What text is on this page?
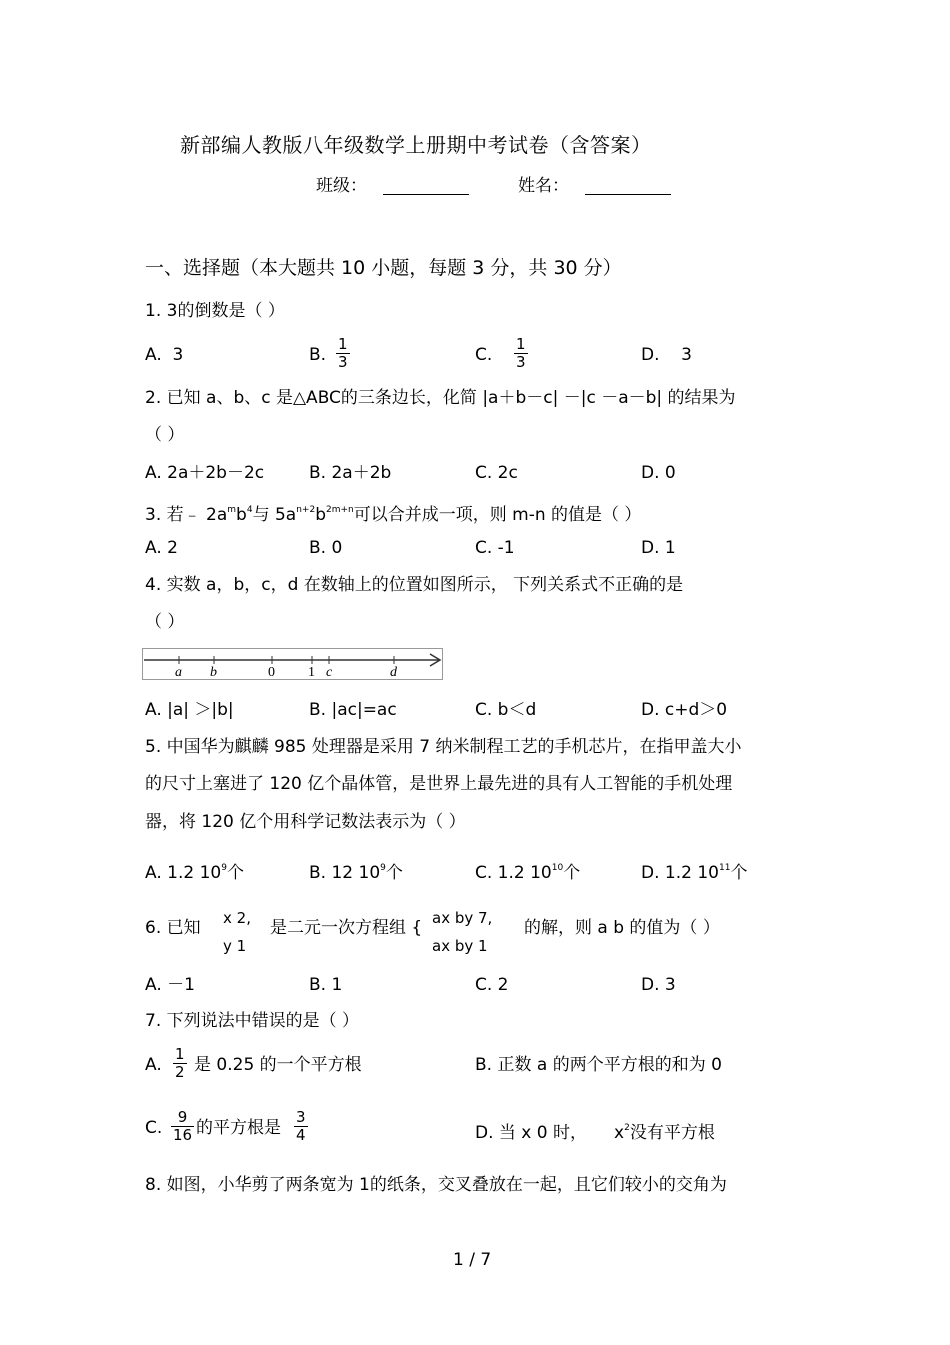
新部编人教版八年级数学上册期中考试卷（含答案）
班级：	姓名：
一、选择题（本大题共 10 小题，每题 3 分，共 30 分）
1. 3的倒数是（ ）
A. 3	B. $\frac{1}{3}$	C. $\frac{1}{3}$	D. 3
2. 已知 a、b、c 是△ABC的三条边长，化简 |a＋b－c| －|c －a－b| 的结果为
（ ）
A. 2a＋2b－2c	B. 2a＋2b	C. 2c	D. 0
3. 若﹣ $2a^mb^4$与 $5a^{n+2}b^{2m+n}$可以合并成一项，则 m-n 的值是（ ）
A. 2	B. 0	C. -1	D. 1
4. 实数 a，b，c，d 在数轴上的位置如图所示， 下列关系式不正确的是
（ ）
a b	0 1 c	d
A. |a| ＞|b|	B. |ac|=ac	C. b＜d	D. c+d＞0
5. 中国华为麒麟 985 处理器是采用 7 纳米制程工艺的手机芯片，在指甲盖大小
的尺寸上塞进了 120 亿个晶体管，是世界上最先进的具有人工智能的手机处理
器，将 120 亿个用科学记数法表示为（ ）
A. 1.2 $10^9$个	B. 12 $10^9$个	C. 1.2 $10^{10}$个	D. 1.2 $10^{11}$个
6. 已知 x 2,
y 1
是二元一次方程组 { ax by 7,
ax by 1
的解，则 a b 的值为（ ）
A. －1	B. 1	C. 2	D. 3
7. 下列说法中错误的是（ ）
A. $\frac{1}{2}$ 是 0.25 的一个平方根	B. 正数 a 的两个平方根的和为 0
C. $\frac{9}{16}$ 的平方根是 $\frac{3}{4}$	D. 当 x 0 时， $x^2$没有平方根
8. 如图，小华剪了两条宽为 1的纸条，交叉叠放在一起，且它们较小的交角为
1 / 7
